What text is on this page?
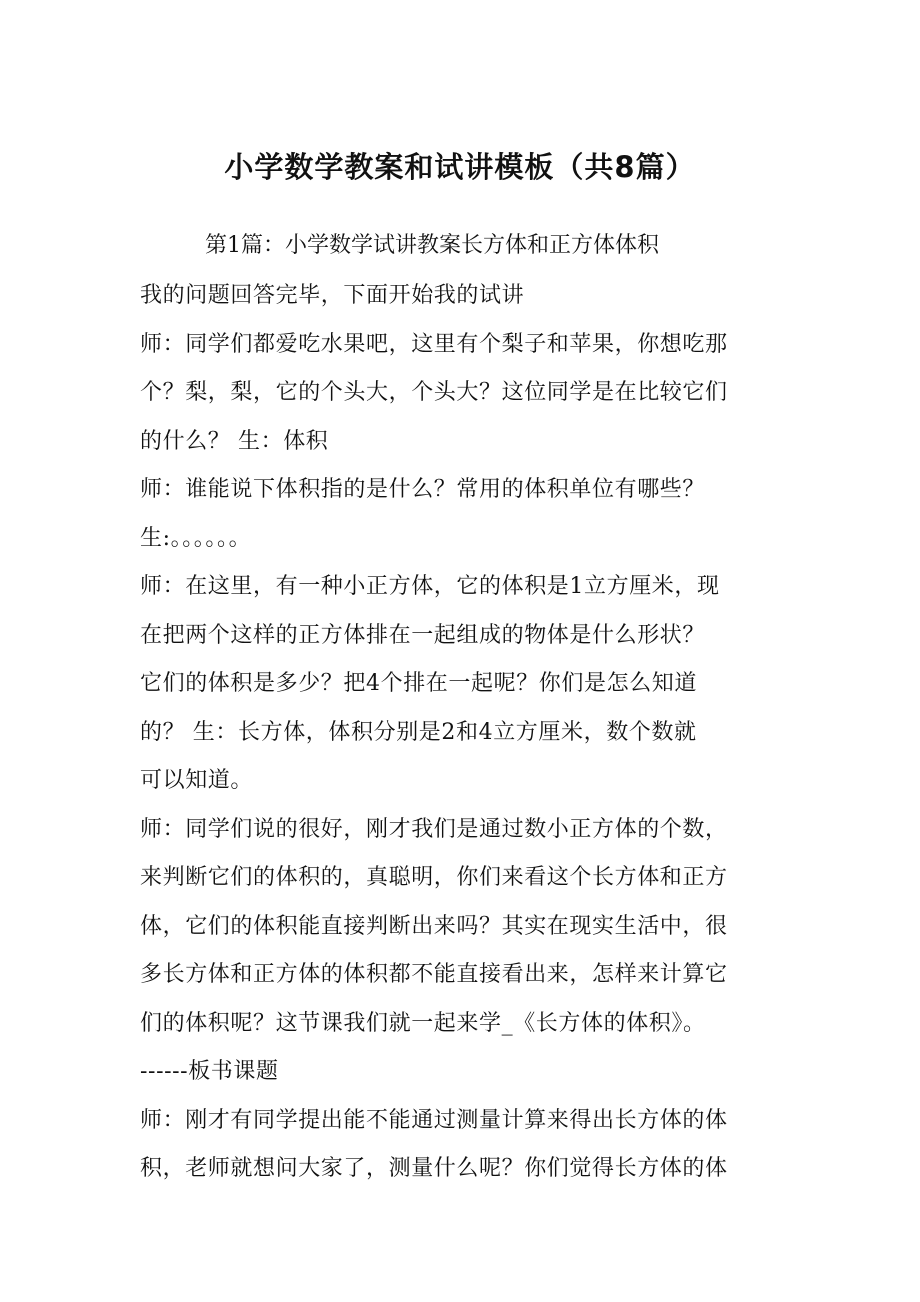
小学数学教案和试讲模板（共8篇）
第1篇：小学数学试讲教案长方体和正方体体积
我的问题回答完毕，下面开始我的试讲
师：同学们都爱吃水果吧，这里有个梨子和苹果，你想吃那
个？梨，梨，它的个头大，个头大？这位同学是在比较它们
的什么？ 生：体积
师：谁能说下体积指的是什么？常用的体积单位有哪些？
生:。。。。。。
师：在这里，有一种小正方体，它的体积是1立方厘米，现
在把两个这样的正方体排在一起组成的物体是什么形状？
它们的体积是多少？把4个排在一起呢？你们是怎么知道
的？ 生：长方体，体积分别是2和4立方厘米，数个数就
可以知道。
师：同学们说的很好，刚才我们是通过数小正方体的个数，
来判断它们的体积的，真聪明，你们来看这个长方体和正方
体，它们的体积能直接判断出来吗？其实在现实生活中，很
多长方体和正方体的体积都不能直接看出来，怎样来计算它
们的体积呢？这节课我们就一起来学_《长方体的体积》。
------板书课题
师：刚才有同学提出能不能通过测量计算来得出长方体的体
积，老师就想问大家了，测量什么呢？你们觉得长方体的体
